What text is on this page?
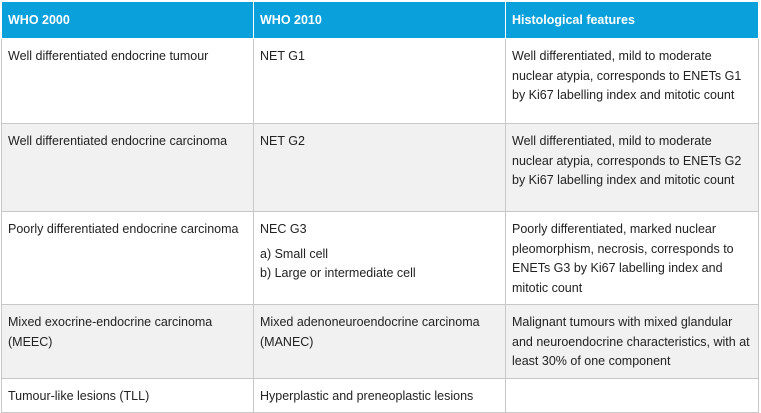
WHO 2000	WHO 2010	Histological features
Well differentiated endocrine tumour	NET G1	Well differentiated, mild to moderate nuclear atypia, corresponds to ENETs G1 by Ki67 labelling index and mitotic count
Well differentiated endocrine carcinoma	NET G2	Well differentiated, mild to moderate nuclear atypia, corresponds to ENETs G2 by Ki67 labelling index and mitotic count
Poorly differentiated endocrine carcinoma	NEC G3
a) Small cell
b) Large or intermediate cell	Poorly differentiated, marked nuclear pleomorphism, necrosis, corresponds to ENETs G3 by Ki67 labelling index and mitotic count
Mixed exocrine-endocrine carcinoma (MEEC)	Mixed adenoneuroendocrine carcinoma (MANEC)	Malignant tumours with mixed glandular and neuroendocrine characteristics, with at least 30% of one component
Tumour-like lesions (TLL)	Hyperplastic and preneoplastic lesions	
